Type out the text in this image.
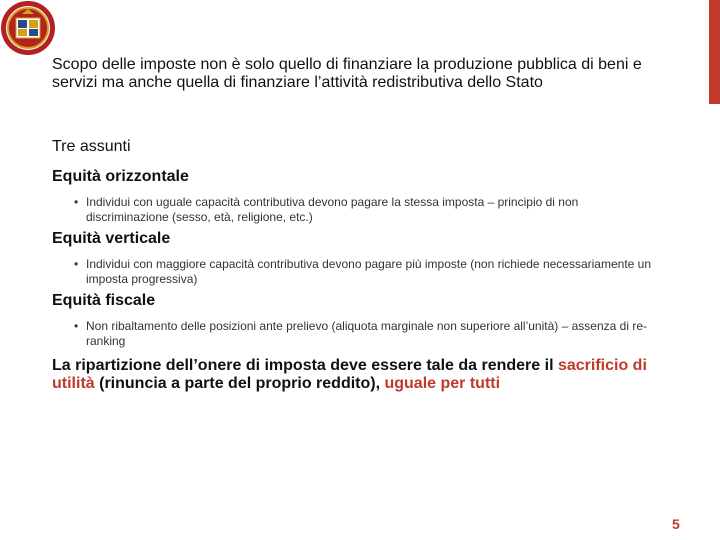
Scopo delle imposte non è solo quello di finanziare la produzione pubblica di beni e servizi ma anche quella di finanziare l’attività redistributiva dello Stato

Tre assunti

Equità orizzontale

• Individui con uguale capacità contributiva devono pagare la stessa imposta – principio di non discriminazione (sesso, età, religione, etc.)

Equità verticale

• Individui con maggiore capacità contributiva devono pagare più imposte (non richiede necessariamente un imposta progressiva)

Equità fiscale

• Non ribaltamento delle posizioni ante prelievo (aliquota marginale non superiore all’unità) – assenza di re-ranking

La ripartizione dell’onere di imposta deve essere tale da rendere il sacrificio di utilità (rinuncia a parte del proprio reddito), uguale per tutti

5
